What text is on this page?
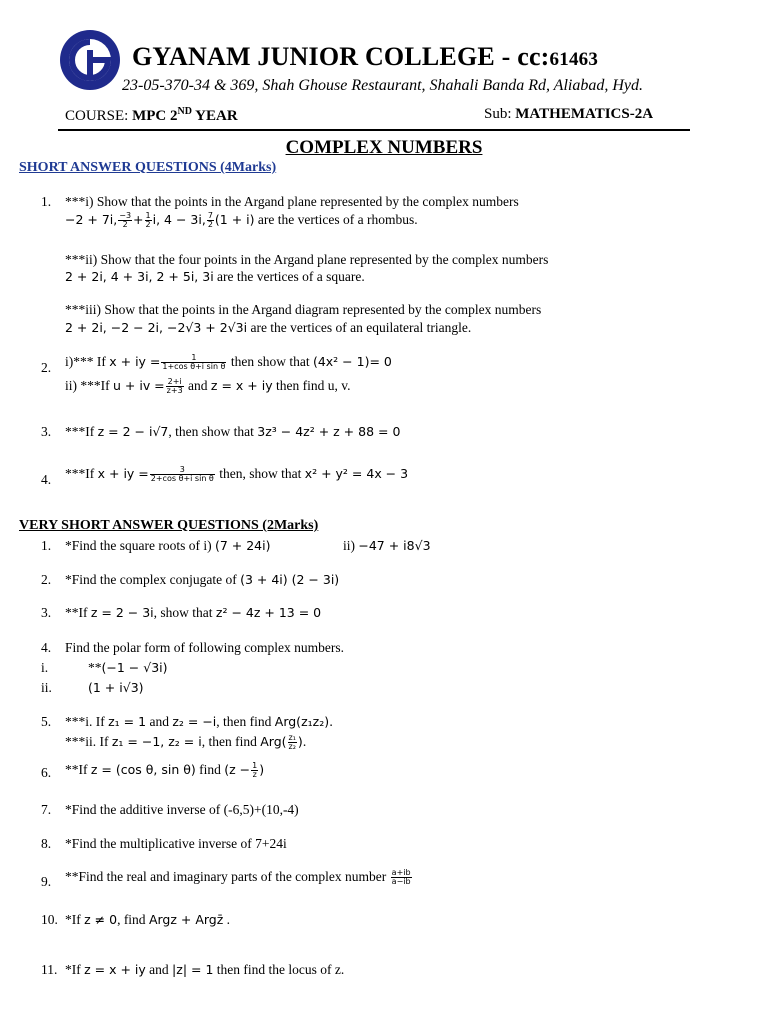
GYANAM JUNIOR COLLEGE - cc:61463
23-05-370-34 & 369, Shah Ghouse Restaurant, Shahali Banda Rd, Aliabad, Hyd.
COURSE: MPC 2ND YEAR	Sub: MATHEMATICS-2A
COMPLEX NUMBERS
SHORT ANSWER QUESTIONS (4Marks)
1. ***i) Show that the points in the Argand plane represented by the complex numbers
−2 + 7i, $\frac{-3}{2} + \frac{1}{2} i$, 4 − 3i, $\frac{7}{2} (1 + i)$ are the vertices of a rhombus.
***ii) Show that the four points in the Argand plane represented by the complex numbers
2 + 2i, 4 + 3i, 2 + 5i, 3i are the vertices of a square.
***iii) Show that the points in the Argand diagram represented by the complex numbers
2 + 2i, −2 − 2i, −2√3 + 2√3i are the vertices of an equilateral triangle.
2. i)*** If x + iy = $\frac{1}{\text{1+cos θ+i sin θ}}$ then show that (4x² − 1)= 0
ii) ***If u + iv = $\frac{2+i}{z+3}$ and z = x + iy then find u, v.
3. ***If z = 2 − i√7, then show that 3z³ − 4z² + z + 88 = 0
4. ***If x + iy = $\frac{3}{\text{2+cos θ+i sin θ}}$ then, show that x² + y² = 4x − 3
VERY SHORT ANSWER QUESTIONS (2Marks)
1. *Find the square roots of i) (7 + 24i)	ii) −47 + i8√3
2. *Find the complex conjugate of (3 + 4i) (2 − 3i)
3. **If z = 2 − 3i, show that z² − 4z + 13 = 0
4. Find the polar form of following complex numbers.
i.	**(−1 − √3i)
ii.	(1 + i√3)
5. ***i. If z₁ = 1 and z₂ = −i, then find Arg(z₁z₂).
***ii. If z₁ = −1, z₂ = i, then find $Arg( \frac{\text{z₁}}{\text{z₂}}$ ).
6. **If z = (cos θ, sin θ) find ($z - \frac{1}{z}$ )
7. *Find the additive inverse of (-6,5)+(10,-4)
8. *Find the multiplicative inverse of 7+24i
9. **Find the real and imaginary parts of the complex number $\frac{a+ib}{a-ib}$
10. *If z ≠ 0, find Argz + Argz̄ .
11. *If z = x + iy and |z| = 1 then find the locus of z.
